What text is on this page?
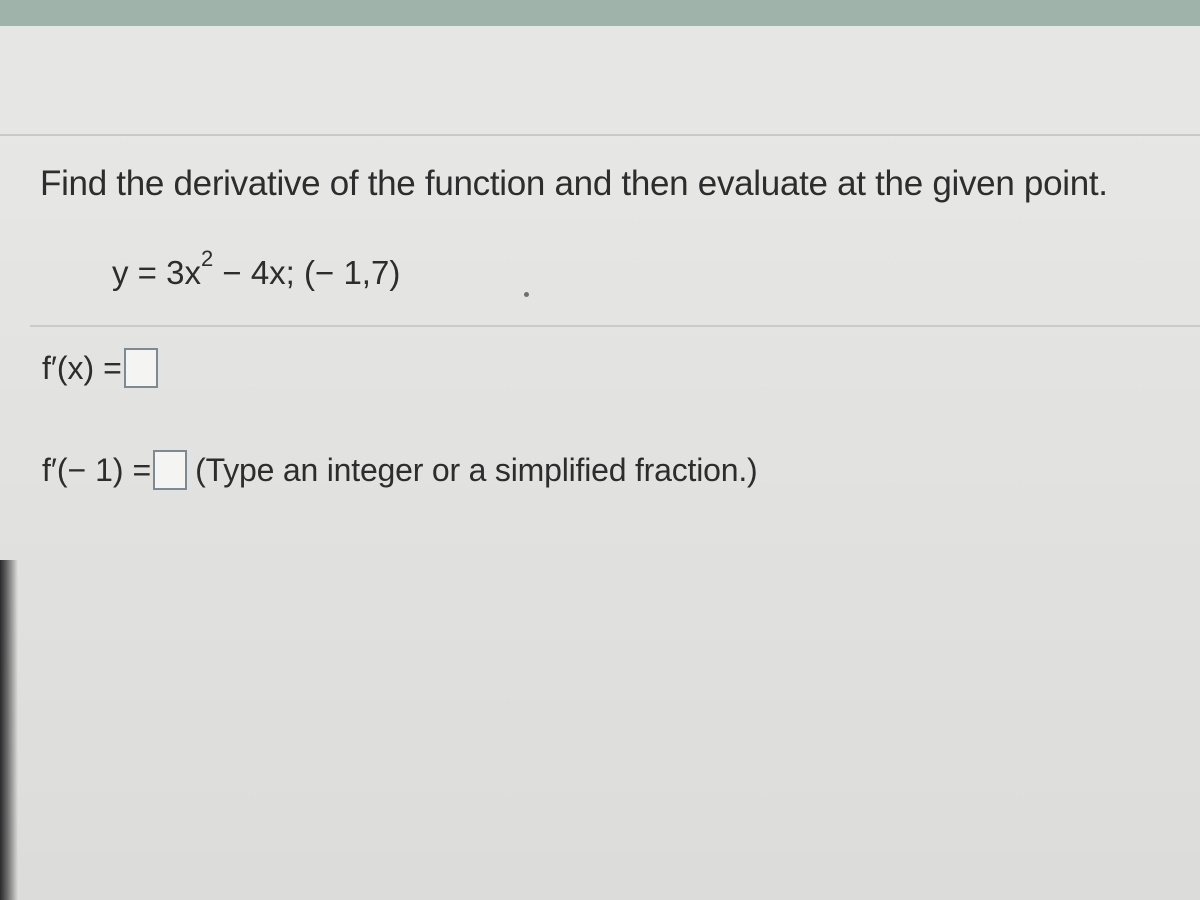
Find the derivative of the function and then evaluate at the given point.
$y = 3x^2 - 4x$; (− 1,7)
f′(x) =
f′(− 1) = (Type an integer or a simplified fraction.)
